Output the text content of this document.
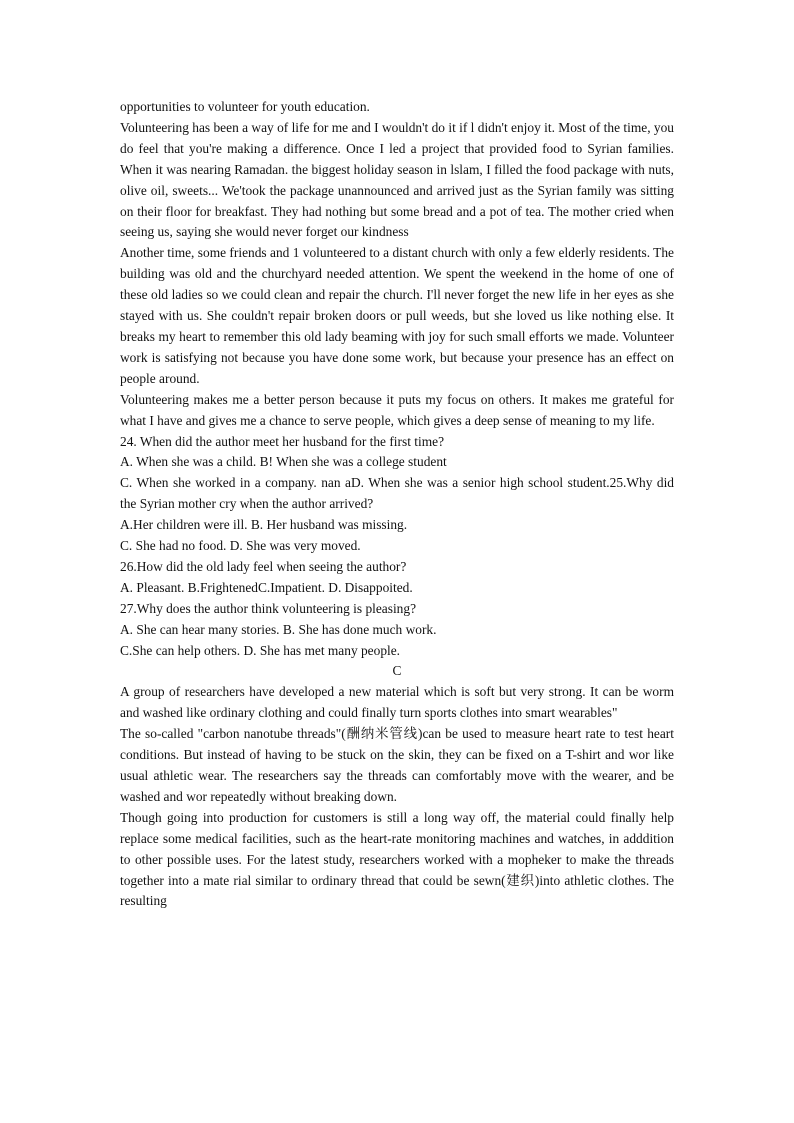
opportunities to volunteer for youth education.

Volunteering has been a way of life for me and I wouldn't do it if l didn't enjoy it. Most of the time, you do feel that you're making a difference. Once I led a project that provided food to Syrian families. When it was nearing Ramadan. the biggest holiday season in lslam, I filled the food package with nuts, olive oil, sweets... We'took the package unannounced and arrived just as the Syrian family was sitting on their floor for breakfast. They had nothing but some bread and a pot of tea. The mother cried when seeing us, saying she would never forget our kindness

Another time, some friends and 1 volunteered to a distant church with only a few elderly residents. The building was old and the churchyard needed attention. We spent the weekend in the home of one of these old ladies so we could clean and repair the church. I'll never forget the new life in her eyes as she stayed with us. She couldn't repair broken doors or pull weeds, but she loved us like nothing else. It breaks my heart to remember this old lady beaming with joy for such small efforts we made. Volunteer work is satisfying not because you have done some work, but because your presence has an effect on people around.

Volunteering makes me a better person because it puts my focus on others. It makes me grateful for what I have and gives me a chance to serve people, which gives a deep sense of meaning to my life.

24. When did the author meet her husband for the first time?

A. When she was a child. B! When she was a college student

C. When she worked in a company. nan aD. When she was a senior high school student.25.Why did the Syrian mother cry when the author arrived?

A.Her children were ill. B. Her husband was missing.

C. She had no food. D. She was very moved.

26.How did the old lady feel when seeing the author?

A. Pleasant. B.FrightenedC.Impatient. D. Disappoited.

27.Why does the author think volunteering is pleasing?

A. She can hear many stories. B. She has done much work.

C.She can help others. D. She has met many people.

C

A group of researchers have developed a new material which is soft but very strong. It can be worm and washed like ordinary clothing and could finally turn sports clothes into smart wearables"

The so-called "carbon nanotube threads"(酬纳米管线)can be used to measure heart rate to test heart conditions. But instead of having to be stuck on the skin, they can be fixed on a T-shirt and wor like usual athletic wear. The researchers say the threads can comfortably move with the wearer, and be washed and wor repeatedly without breaking down.

Though going into production for customers is still a long way off, the material could finally help replace some medical facilities, such as the heart-rate monitoring machines and watches, in adddition to other possible uses. For the latest study, researchers worked with a mopheker to make the threads together into a mate rial similar to ordinary thread that could be sewn(建织)into athletic clothes. The resulting
